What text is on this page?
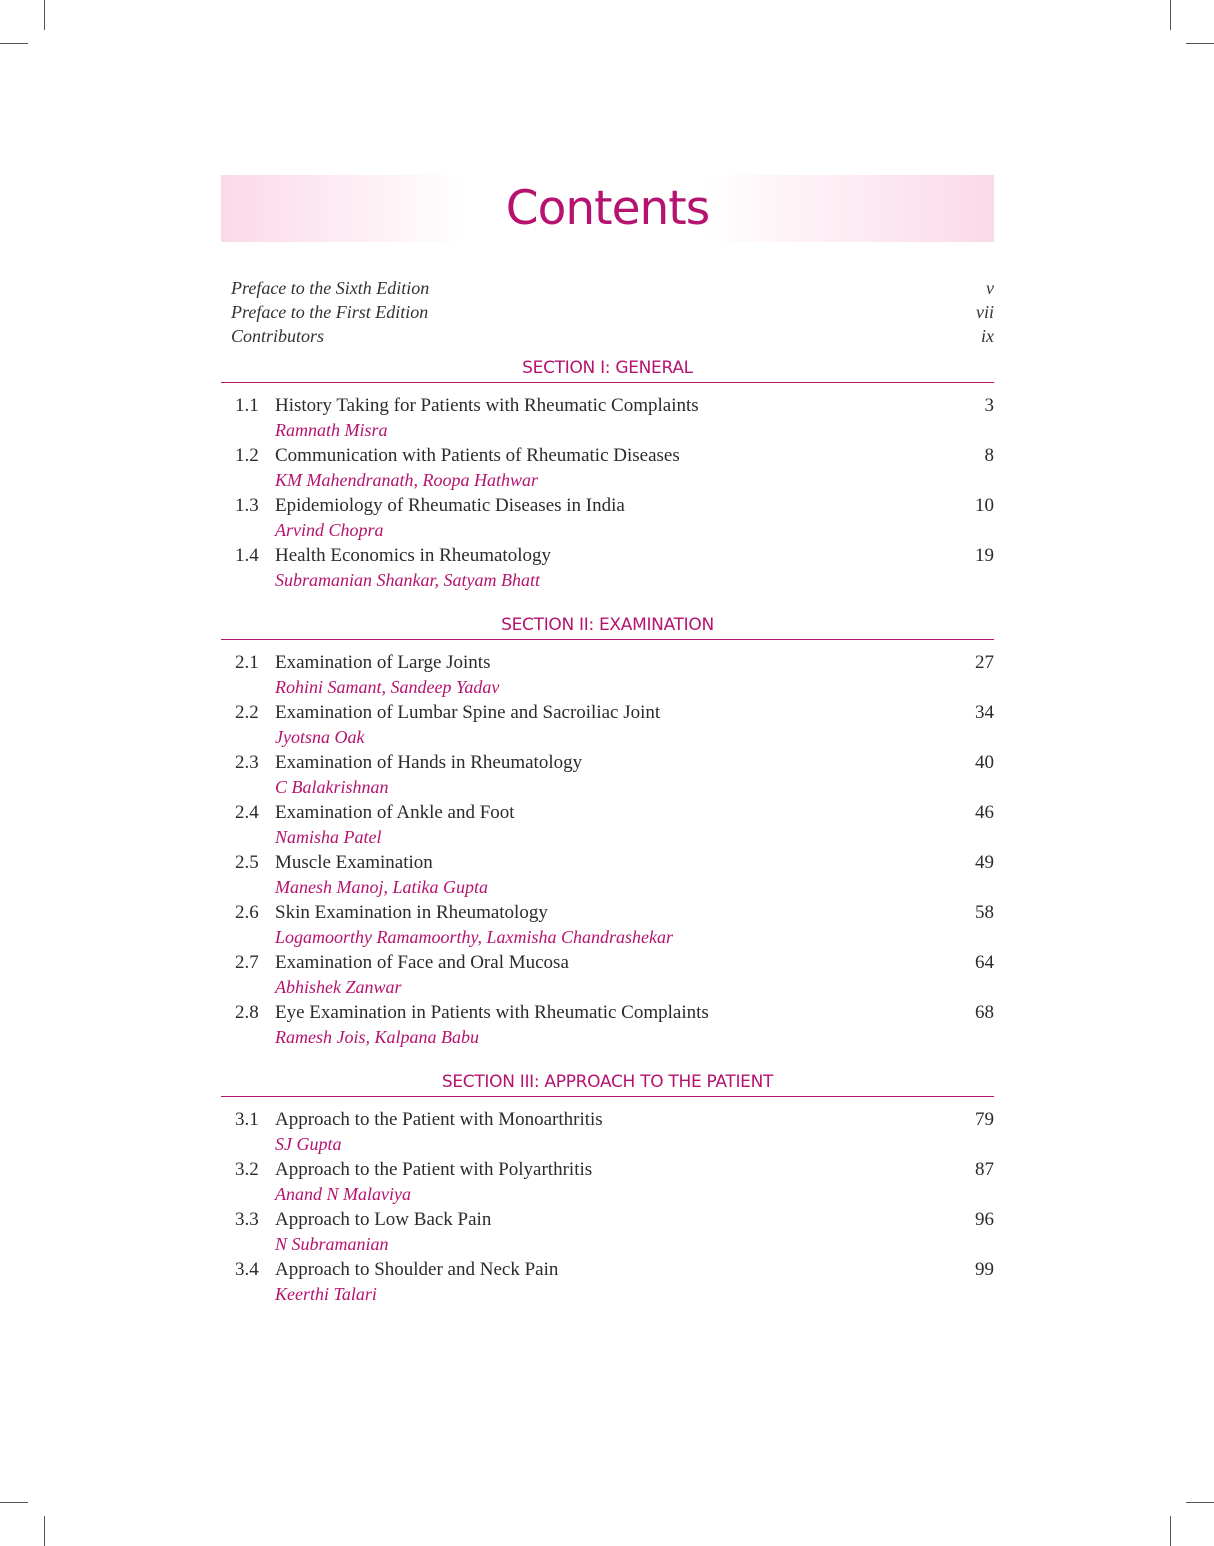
Contents
Preface to the Sixth Edition	v
Preface to the First Edition	vii
Contributors	ix
SECTION I: GENERAL
1.1 History Taking for Patients with Rheumatic Complaints	3
Ramnath Misra
1.2 Communication with Patients of Rheumatic Diseases	8
KM Mahendranath, Roopa Hathwar
1.3 Epidemiology of Rheumatic Diseases in India	10
Arvind Chopra
1.4 Health Economics in Rheumatology	19
Subramanian Shankar, Satyam Bhatt
SECTION II: EXAMINATION
2.1 Examination of Large Joints	27
Rohini Samant, Sandeep Yadav
2.2 Examination of Lumbar Spine and Sacroiliac Joint	34
Jyotsna Oak
2.3 Examination of Hands in Rheumatology	40
C Balakrishnan
2.4 Examination of Ankle and Foot	46
Namisha Patel
2.5 Muscle Examination	49
Manesh Manoj, Latika Gupta
2.6 Skin Examination in Rheumatology	58
Logamoorthy Ramamoorthy, Laxmisha Chandrashekar
2.7 Examination of Face and Oral Mucosa	64
Abhishek Zanwar
2.8 Eye Examination in Patients with Rheumatic Complaints	68
Ramesh Jois, Kalpana Babu
SECTION III: APPROACH TO THE PATIENT
3.1 Approach to the Patient with Monoarthritis	79
SJ Gupta
3.2 Approach to the Patient with Polyarthritis	87
Anand N Malaviya
3.3 Approach to Low Back Pain	96
N Subramanian
3.4 Approach to Shoulder and Neck Pain	99
Keerthi Talari
